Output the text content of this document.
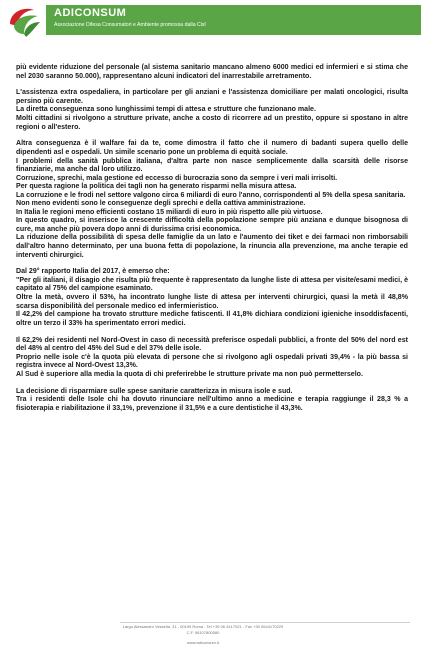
ADICONSUM
Associazione Difesa Consumatori e Ambiente promossa dalla Cisl

più evidente riduzione del personale (al sistema sanitario mancano almeno 6000 medici ed infermieri e si stima che nel 2030 saranno 50.000), rappresentano alcuni indicatori del inarrestabile arretramento.

L'assistenza extra ospedaliera, in particolare per gli anziani e l'assistenza domiciliare per malati oncologici, risulta persino più carente.
La diretta conseguenza sono lunghissimi tempi di attesa e strutture che funzionano male.
Molti cittadini si rivolgono a strutture private, anche a costo di ricorrere ad un prestito, oppure si spostano in altre regioni o all'estero.

Altra conseguenza è il walfare fai da te, come dimostra il fatto che il numero di badanti supera quello delle dipendenti asl e ospedali. Un simile scenario pone un problema di equità sociale.
I problemi della sanità pubblica italiana, d'altra parte non nasce semplicemente dalla scarsità delle risorse finanziarie, ma anche dal loro utilizzo.
Corruzione, sprechi, mala gestione ed eccesso di burocrazia sono da sempre i veri mali irrisolti.
Per questa ragione la politica dei tagli non ha generato risparmi nella misura attesa.
La corruzione e le frodi nel settore valgono circa 6 miliardi di euro l'anno, corrispondenti al 5% della spesa sanitaria.
Non meno evidenti sono le conseguenze degli sprechi e della cattiva amministrazione.
In Italia le regioni meno efficienti costano 15 miliardi di euro in più rispetto alle più virtuose.
In questo quadro, si inserisce la crescente difficoltà della popolazione sempre più anziana e dunque bisognosa di cure, ma anche più povera dopo anni di durissima crisi economica.
La riduzione della possibilità di spesa delle famiglie da un lato e l'aumento dei tiket e dei farmaci non rimborsabili dall'altro hanno determinato, per una buona fetta di popolazione, la rinuncia alla prevenzione, ma anche terapie ed interventi chirurgici.

Dal 29° rapporto Italia del 2017, è emerso che:
"Per gli italiani, il disagio che risulta più frequente è rappresentato da lunghe liste di attesa per visite/esami medici, è capitato al 75% del campione esaminato.
Oltre la metà, ovvero il 53%, ha incontrato lunghe liste di attesa per interventi chirurgici, quasi la metà il 48,8% scarsa disponibilità del personale medico ed infermieristico.
Il 42,2% del campione ha trovato strutture mediche fatiscenti. Il 41,8% dichiara condizioni igieniche insoddisfacenti, oltre un terzo il 33% ha sperimentato errori medici.

Il 62,2% dei residenti nel Nord-Ovest in caso di necessità preferisce ospedali pubblici, a fronte del 50% del nord est del 48% al centro del 45% del Sud e del 37% delle isole.
Proprio nelle isole c'è la quota più elevata di persone che si rivolgono agli ospedali privati 39,4% - la più bassa si registra invece al Nord-Ovest 13,3%.
Al Sud è superiore alla media la quota di chi preferirebbe le strutture private ma non può permetterselo.

La decisione di risparmiare sulle spese sanitarie caratterizza in misura isole e sud.
Tra i residenti delle Isole chi ha dovuto rinunciare nell'ultimo anno a medicine e terapia raggiunge il 28,3 % a fisioterapia e riabilitazione il 33,1%, prevenzione il 31,5% e a cure dentistiche il 43,3%.

Largo Alessandro Vessella, 31 - 00199 Roma - Tel +39 06 4417021 - Fax +39 0644170229
C.F. 96107800580
www.adiconsum.it
